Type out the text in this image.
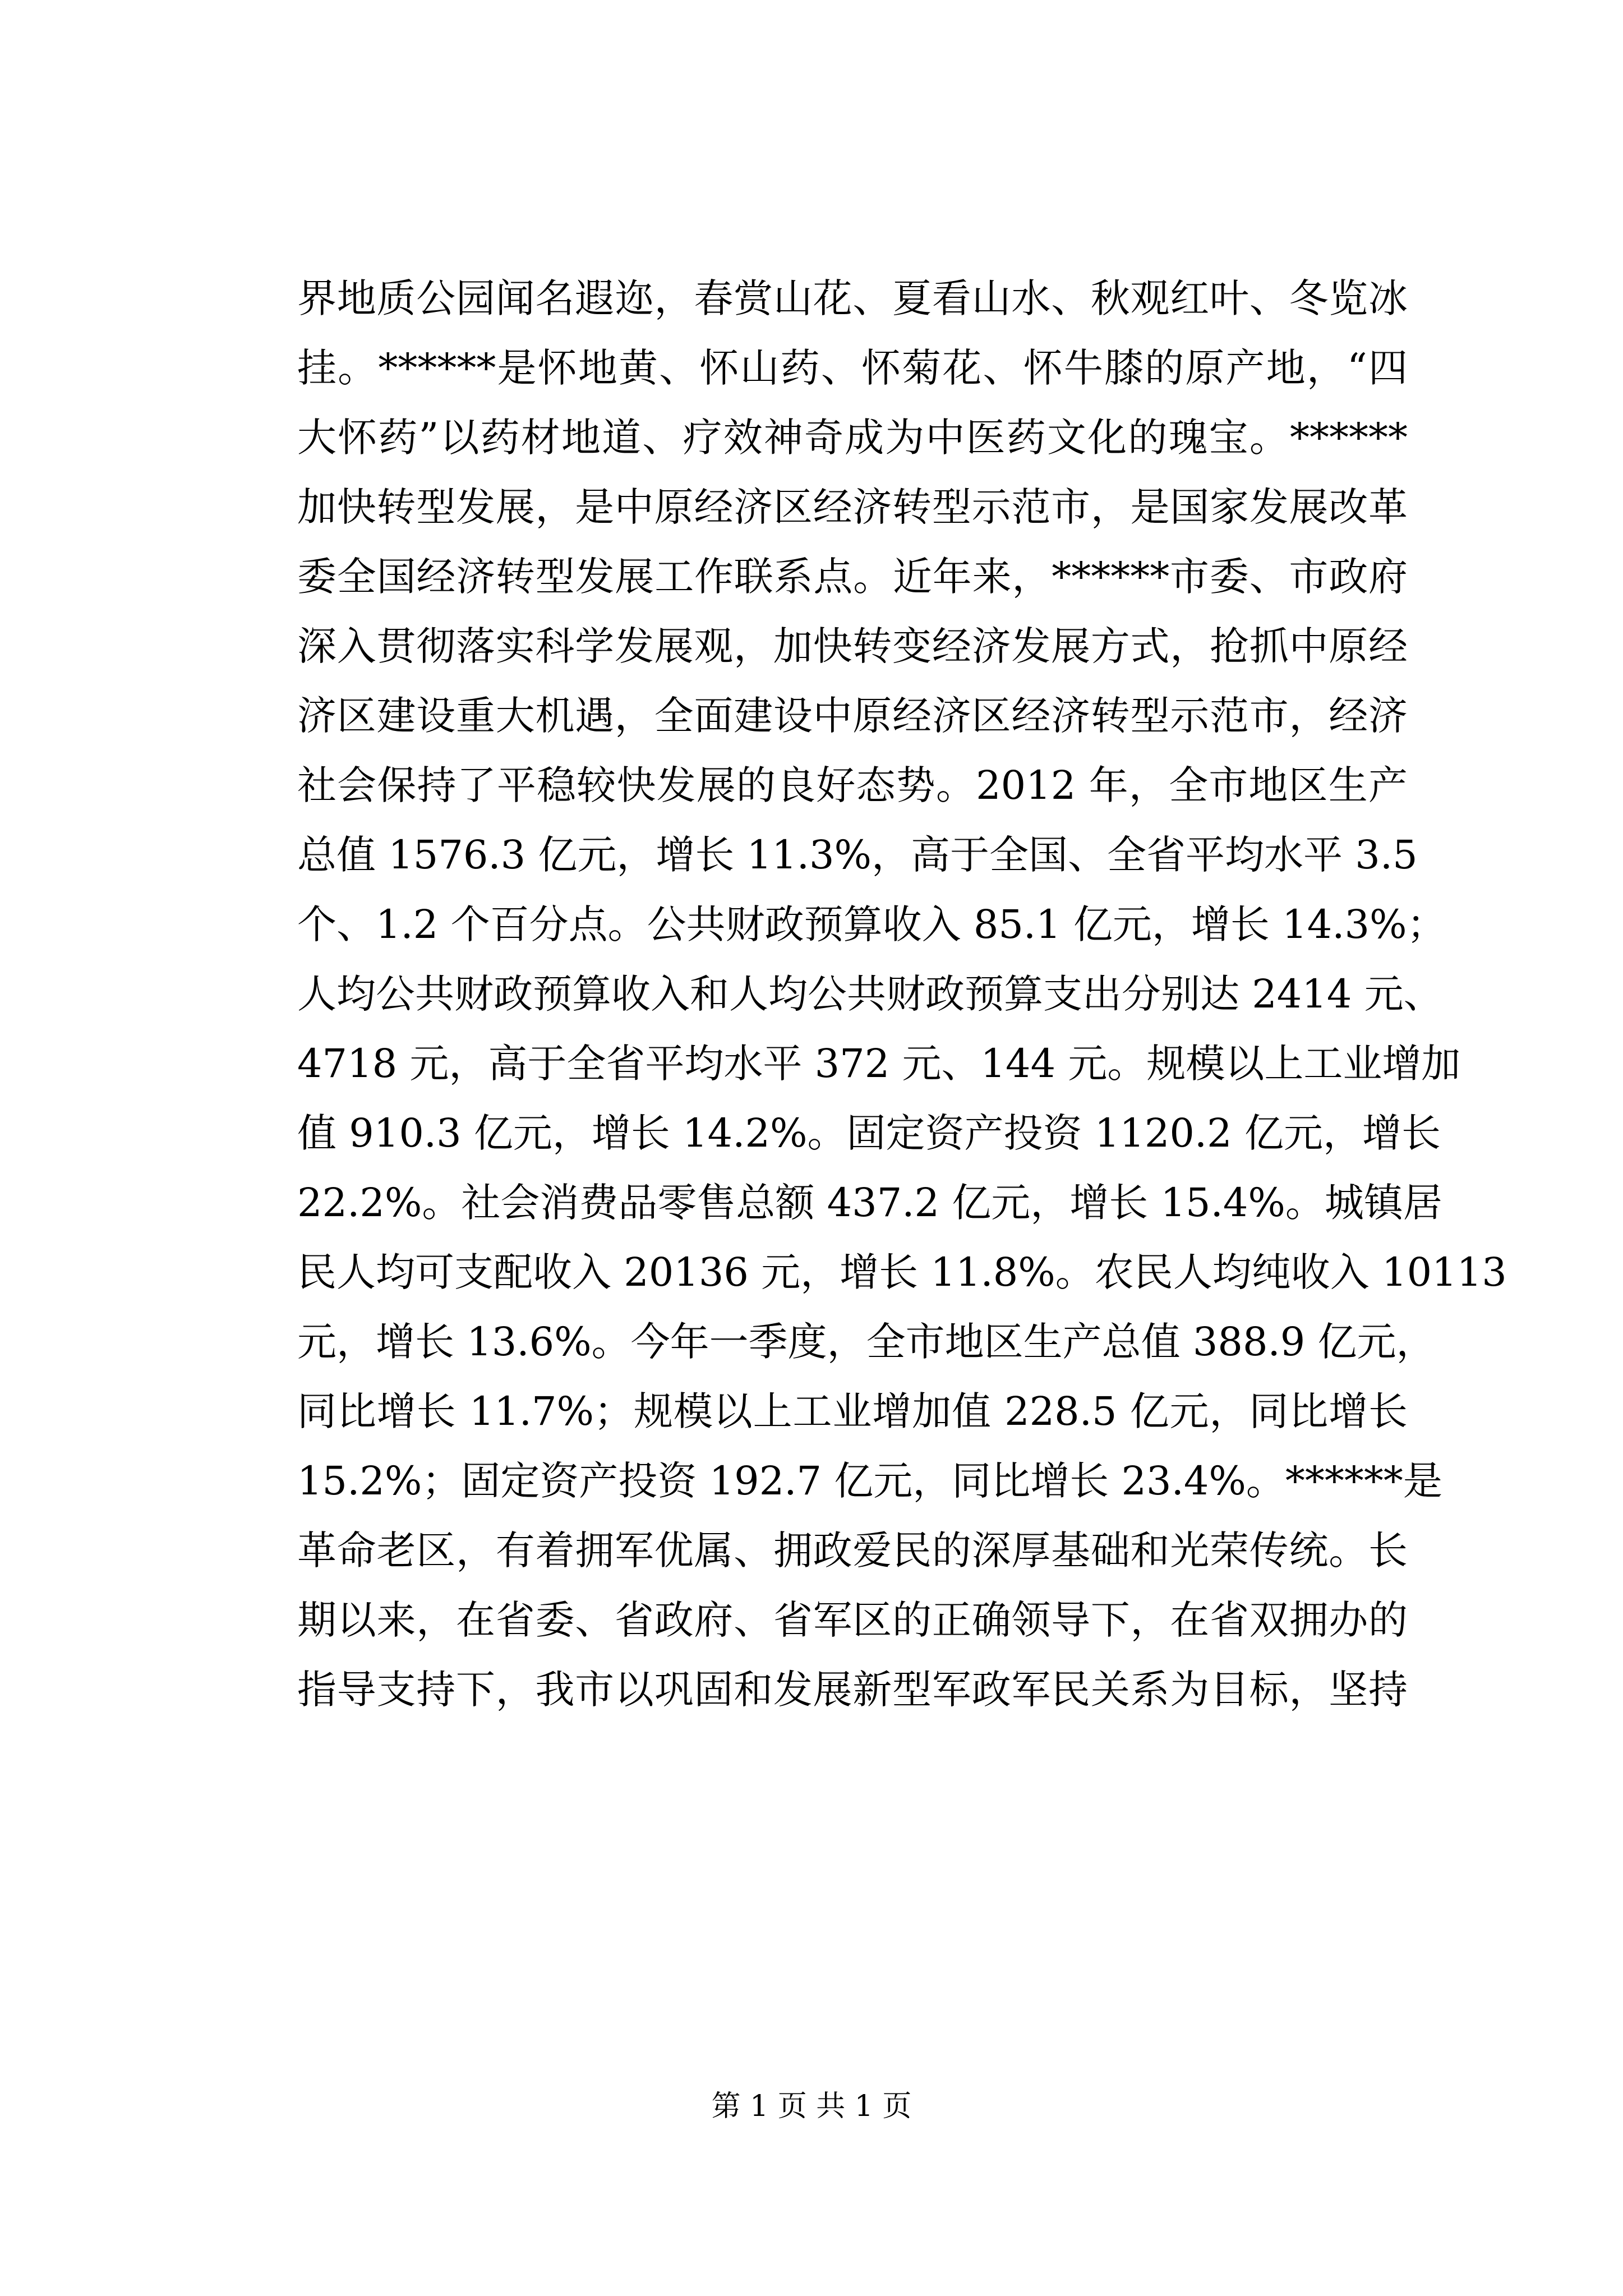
界地质公园闻名遐迩，春赏山花、夏看山水、秋观红叶、冬览冰
挂。******是怀地黄、怀山药、怀菊花、怀牛膝的原产地，“四
大怀药”以药材地道、疗效神奇成为中医药文化的瑰宝。******
加快转型发展，是中原经济区经济转型示范市，是国家发展改革
委全国经济转型发展工作联系点。近年来，******市委、市政府
深入贯彻落实科学发展观，加快转变经济发展方式，抢抓中原经
济区建设重大机遇，全面建设中原经济区经济转型示范市，经济
社会保持了平稳较快发展的良好态势。2012 年，全市地区生产
总值 1576.3 亿元，增长 11.3%，高于全国、全省平均水平 3.5
个、1.2 个百分点。公共财政预算收入 85.1 亿元，增长 14.3%；
人均公共财政预算收入和人均公共财政预算支出分别达 2414 元、
4718 元，高于全省平均水平 372 元、144 元。规模以上工业增加
值 910.3 亿元，增长 14.2%。固定资产投资 1120.2 亿元，增长
22.2%。社会消费品零售总额 437.2 亿元，增长 15.4%。城镇居
民人均可支配收入 20136 元，增长 11.8%。农民人均纯收入 10113
元，增长 13.6%。今年一季度，全市地区生产总值 388.9 亿元，
同比增长 11.7%；规模以上工业增加值 228.5 亿元，同比增长
15.2%；固定资产投资 192.7 亿元，同比增长 23.4%。******是
革命老区，有着拥军优属、拥政爱民的深厚基础和光荣传统。长
期以来，在省委、省政府、省军区的正确领导下，在省双拥办的
指导支持下，我市以巩固和发展新型军政军民关系为目标，坚持
第 1 页 共 1 页
